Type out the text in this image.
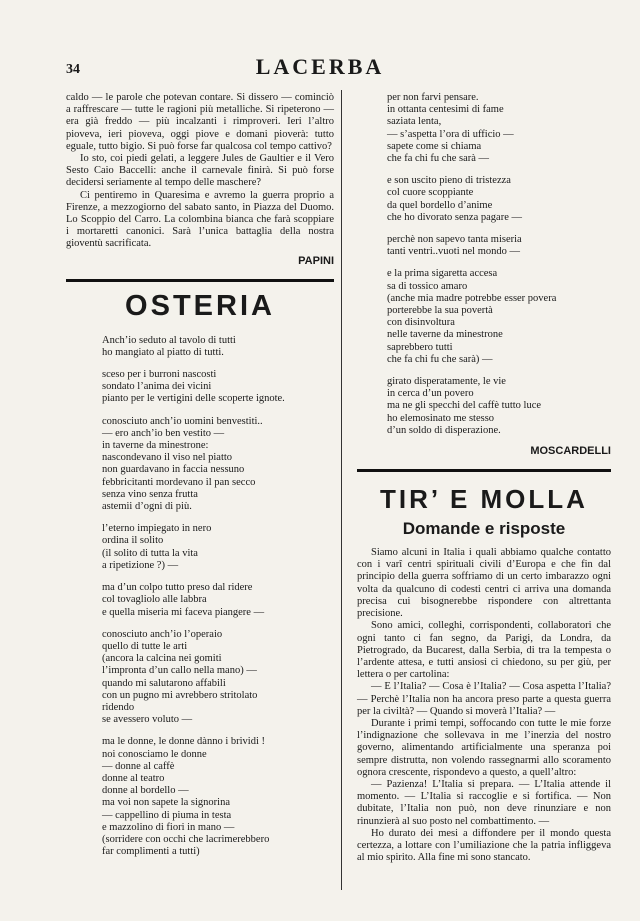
34	LACERBA

caldo — le parole che potevan contare. Si dissero — cominciò a raffrescare — tutte le ragioni più metalliche. Si ripeterono — era già freddo — più incalzanti i rimproveri. Ieri l’altro pioveva, ieri pioveva, oggi piove e domani pioverà: tutto eguale, tutto bigio. Si può forse far qualcosa col tempo cattivo?

Io sto, coi piedi gelati, a leggere Jules de Gaultier e il Vero Sesto Caio Baccelli: anche il carnevale finirà. Si può forse decidersi seriamente al tempo delle maschere?

Ci pentiremo in Quaresima e avremo la guerra proprio a Firenze, a mezzogiorno del sabato santo, in Piazza del Duomo. Lo Scoppio del Carro. La colombina bianca che farà scoppiare i mortaretti canonici. Sarà l’unica battaglia della nostra gioventù sacrificata.

PAPINI
OSTERIA
Anch’io seduto al tavolo di tutti
ho mangiato al piatto di tutti.
sceso per i burroni nascosti
sondato l’anima dei vicini
pianto per le vertigini delle scoperte ignote.
conosciuto anch’io uomini benvestiti..
— ero anch’io ben vestito —
in taverne da minestrone:
nascondevano il viso nel piatto
non guardavano in faccia nessuno
febbricitanti mordevano il pan secco
senza vino senza frutta
astemii d’ogni di più.
l’eterno impiegato in nero
ordina il solito
(il solito di tutta la vita
a ripetizione ?) —
ma d’un colpo tutto preso dal ridere
col tovagliolo alle labbra
e quella miseria mi faceva piangere —
conosciuto anch’io l’operaio
quello di tutte le arti
(ancora la calcina nei gomiti
l’impronta d’un callo nella mano) —
quando mi salutarono affabili
con un pugno mi avrebbero stritolato
ridendo
se avessero voluto —
ma le donne, le donne dànno i brividi !
noi conosciamo le donne
— donne al caffè
donne al teatro
donne al bordello —
ma voi non sapete la signorina
— cappellino di piuma in testa
e mazzolino di fiori in mano —
(sorridere con occhi che lacrimerebbero
far complimenti a tutti)
per non farvi pensare.
in ottanta centesimi di fame
saziata lenta,
— s’aspetta l’ora di ufficio —
sapete come si chiama
che fa chi fu che sarà —
e son uscito pieno di tristezza
col cuore scoppiante
da quel bordello d’anime
che ho divorato senza pagare —
perchè non sapevo tanta miseria
tanti ventri..vuoti nel mondo —
e la prima sigaretta accesa
sa di tossico amaro
(anche mia madre potrebbe esser povera
porterebbe la sua povertà
con disinvoltura
nelle taverne da minestrone
saprebbero tutti
che fa chi fu che sarà) —
girato disperatamente, le vie
in cerca d’un povero
ma ne gli specchi del caffè tutto luce
ho elemosinato me stesso
d’un soldo di disperazione.
MOSCARDELLI
TIR’ E MOLLA
Domande e risposte

Siamo alcuni in Italia i quali abbiamo qualche contatto con i varî centri spirituali civili d’Europa e che fin dal principio della guerra soffriamo di un certo imbarazzo ogni volta da qualcuno di codesti centri ci arriva una domanda precisa cui bisognerebbe rispondere con altrettanta precisione.

Sono amici, colleghi, corrispondenti, collaboratori che ogni tanto ci fan segno, da Parigi, da Londra, da Pietrogrado, da Bucarest, dalla Serbia, di tra la tempesta o l’ardente attesa, e tutti ansiosi ci chiedono, su per giù, per lettera o per cartolina:

— E l’Italia? — Cosa è l’Italia? — Cosa aspetta l’Italia? — Perchè l’Italia non ha ancora preso parte a questa guerra per la civiltà? — Quando si moverà l’Italia? —

Durante i primi tempi, soffocando con tutte le mie forze l’indignazione che sollevava in me l’inerzia del nostro governo, alimentando artificialmente una speranza poi sempre distrutta, non volendo rassegnarmi allo scoramento ognora crescente, rispondevo a questo, a quell’altro:

— Pazienza! L’Italia si prepara. — L’Italia attende il momento. — L’Italia si raccoglie e si fortifica. — Non dubitate, l’Italia non può, non deve rinunziare e non rinunzierà al suo posto nel combattimento. —

Ho durato dei mesi a diffondere per il mondo questa certezza, a lottare con l’umiliazione che la patria infliggeva al mio spirito. Alla fine mi sono stancato.
